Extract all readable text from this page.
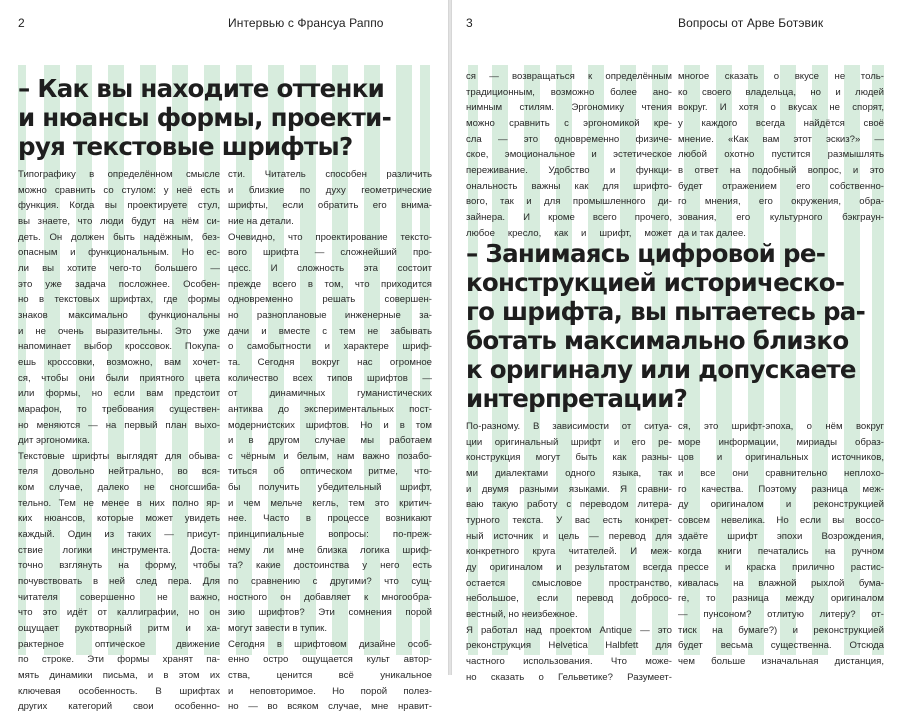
2	Интервью с Франсуа Раппо
– Как вы находите оттенки
и нюансы формы, проекти-
руя текстовые шрифты?
Типографику в определённом смысле
можно сравнить со стулом: у неё есть
функция. Когда вы проектируете стул,
вы знаете, что люди будут на нём си-
деть. Он должен быть надёжным, без-
опасным и функциональным. Но ес-
ли вы хотите чего-то большего —
это уже задача посложнее. Особен-
но в текстовых шрифтах, где формы
знаков максимально функциональны
и не очень выразительны. Это уже
напоминает выбор кроссовок. Покупа-
ешь кроссовки, возможно, вам хочет-
ся, чтобы они были приятного цвета
или формы, но если вам предстоит
марафон, то требования существен-
но меняются — на первый план выхо-
дит эргономика.
Текстовые шрифты выглядят для обыва-
теля довольно нейтрально, во вся-
ком случае, далеко не сногсшиба-
тельно. Тем не менее в них полно яр-
ких нюансов, которые может увидеть
каждый. Один из таких — присут-
ствие логики инструмента. Доста-
точно взглянуть на форму, чтобы
почувствовать в ней след пера. Для
читателя совершенно не важно,
что это идёт от каллиграфии, но он
ощущает рукотворный ритм и ха-
рактерное оптическое движение
по строке. Эти формы хранят па-
мять динамики письма, и в этом их
ключевая особенность. В шрифтах
других категорий свои особенно-
сти. Читатель способен различить
и близкие по духу геометрические
шрифты, если обратить его внима-
ние на детали.
Очевидно, что проектирование тексто-
вого шрифта — сложнейший про-
цесс. И сложность эта состоит
прежде всего в том, что приходится
одновременно решать совершен-
но разноплановые инженерные за-
дачи и вместе с тем не забывать
о самобытности и характере шриф-
та. Сегодня вокруг нас огромное
количество всех типов шрифтов —
от динамичных гуманистических
антиква до экспериментальных пост-
модернистских шрифтов. Но и в том
и в другом случае мы работаем
с чёрным и белым, нам важно позабо-
титься об оптическом ритме, что-
бы получить убедительный шрифт,
и чем мельче кегль, тем это критич-
нее. Часто в процессе возникают
принципиальные вопросы: по-преж-
нему ли мне близка логика шриф-
та? какие достоинства у него есть
по сравнению с другими? что сущ-
ностного он добавляет к многообра-
зию шрифтов? Эти сомнения порой
могут завести в тупик.
Сегодня в шрифтовом дизайне особ-
енно остро ощущается культ автор-
ства, ценится всё уникальное
и неповторимое. Но порой полез-
но — во всяком случае, мне нравит-
3	Вопросы от Арве Ботэвик
ся — возвращаться к определённым
традиционным, возможно более ано-
нимным стилям. Эргономику чтения
можно сравнить с эргономикой кре-
сла — это одновременно физиче-
ское, эмоциональное и эстетическое
переживание. Удобство и функци-
ональность важны как для шрифто-
вого, так и для промышленного ди-
зайнера. И кроме всего прочего,
любое кресло, как и шрифт, может
многое сказать о вкусе не толь-
ко своего владельца, но и людей
вокруг. И хотя о вкусах не спорят,
у каждого всегда найдётся своё
мнение. «Как вам этот эскиз?» —
любой охотно пустится размышлять
в ответ на подобный вопрос, и это
будет отражением его собственно-
го мнения, его окружения, обра-
зования, его культурного бэкграун-
да и так далее.
– Занимаясь цифровой ре-
конструкцией историческо-
го шрифта, вы пытаетесь ра-
ботать максимально близко
к оригиналу или допускаете
интерпретации?
По-разному. В зависимости от ситуа-
ции оригинальный шрифт и его ре-
конструкция могут быть как разны-
ми диалектами одного языка, так
и двумя разными языками. Я сравни-
ваю такую работу с переводом литера-
турного текста. У вас есть конкрет-
ный источник и цель — перевод для
конкретного круга читателей. И меж-
ду оригиналом и результатом всегда
остается смысловое пространство,
небольшое, если перевод добросо-
вестный, но неизбежное.
Я работал над проектом Antique — это
реконструкция Helvetica Halbfett для
частного использования. Что може-
но сказать о Гельветике? Разумеет-
ся, это шрифт-эпоха, о нём вокруг
море информации, мириады образ-
цов и оригинальных источников,
и все они сравнительно неплохо-
го качества. Поэтому разница меж-
ду оригиналом и реконструкцией
совсем невелика. Но если вы воссо-
здаёте шрифт эпохи Возрождения,
когда книги печатались на ручном
прессе и краска прилично растис-
кивалась на влажной рыхлой бума-
ге, то разница между оригиналом
— пунсоном? отлитую литеру? от-
тиск на бумаге?) и реконструкцией
будет весьма существенна. Отсюда
чем больше изначальная дистанция,
